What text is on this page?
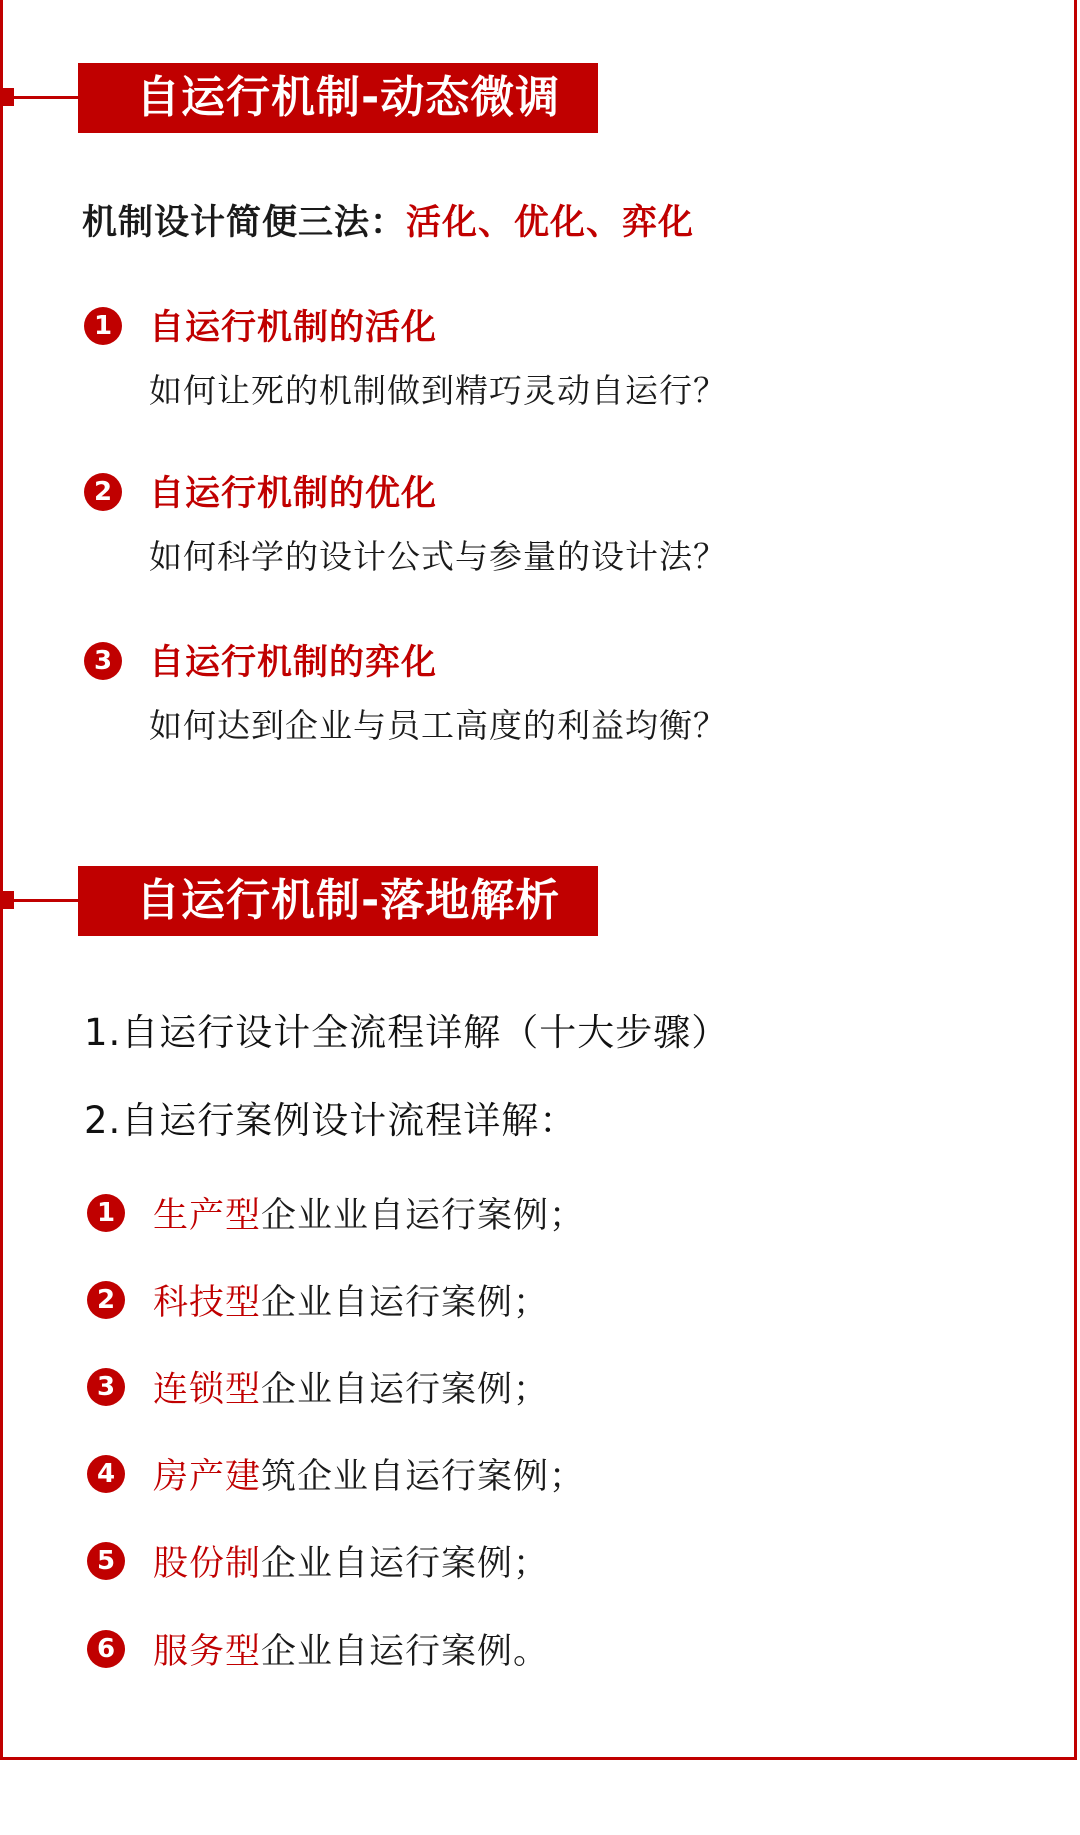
自运行机制-动态微调
机制设计简便三法：活化、优化、弈化
1 自运行机制的活化
如何让死的机制做到精巧灵动自运行？
2 自运行机制的优化
如何科学的设计公式与参量的设计法？
3 自运行机制的弈化
如何达到企业与员工高度的利益均衡？
自运行机制-落地解析
1.自运行设计全流程详解（十大步骤）
2.自运行案例设计流程详解：
1 生产型企业业自运行案例；
2 科技型企业自运行案例；
3 连锁型企业自运行案例；
4 房产建筑企业自运行案例；
5 股份制企业自运行案例；
6 服务型企业自运行案例。
